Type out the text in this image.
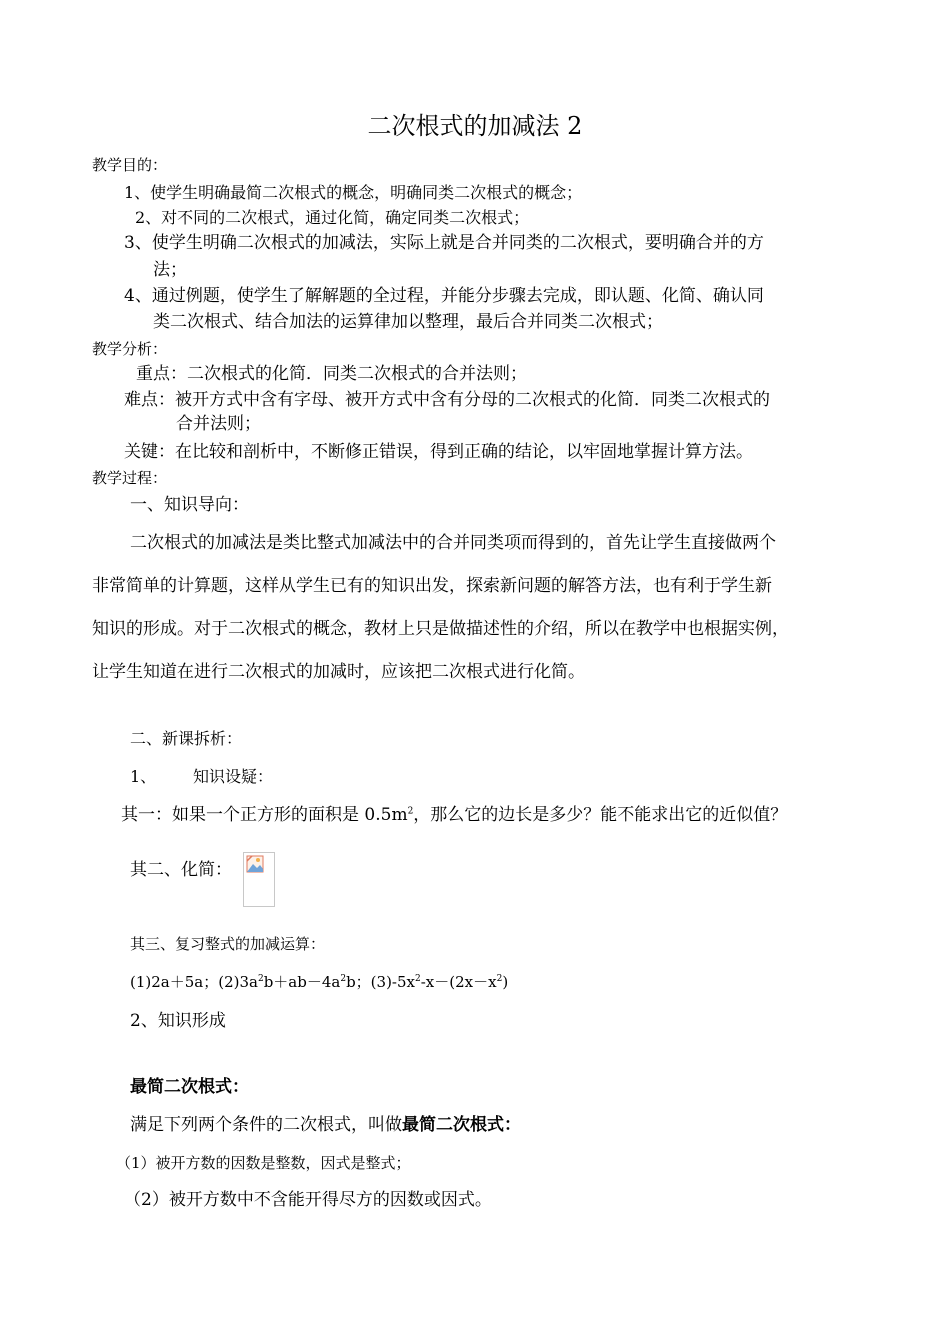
二次根式的加减法 2
教学目的：
1、使学生明确最简二次根式的概念，明确同类二次根式的概念；
2、对不同的二次根式，通过化简，确定同类二次根式；
3、使学生明确二次根式的加减法，实际上就是合并同类的二次根式，要明确合并的方
法；
4、通过例题，使学生了解解题的全过程，并能分步骤去完成，即认题、化简、确认同
类二次根式、结合加法的运算律加以整理，最后合并同类二次根式；
教学分析：
重点：二次根式的化简．同类二次根式的合并法则；
难点：被开方式中含有字母、被开方式中含有分母的二次根式的化简．同类二次根式的
合并法则；
关键：在比较和剖析中，不断修正错误，得到正确的结论，以牢固地掌握计算方法。
教学过程：
一、知识导向：
二次根式的加减法是类比整式加减法中的合并同类项而得到的，首先让学生直接做两个
非常简单的计算题，这样从学生已有的知识出发，探索新问题的解答方法，也有利于学生新
知识的形成。对于二次根式的概念，教材上只是做描述性的介绍，所以在教学中也根据实例，
让学生知道在进行二次根式的加减时，应该把二次根式进行化简。
二、新课拆析：
1、 知识设疑：
其一：如果一个正方形的面积是 $0.5m^2$，那么它的边长是多少？能不能求出它的近似值？
其二、化简：
其三、复习整式的加减运算：
(1)2a＋5a；$(2)3a^2b+ab-4a^2b$；$(3)-5x^2-x-(2x-x^2)$
2、知识形成
最简二次根式：
满足下列两个条件的二次根式，叫做最简二次根式：
（1）被开方数的因数是整数，因式是整式；
（2）被开方数中不含能开得尽方的因数或因式。
